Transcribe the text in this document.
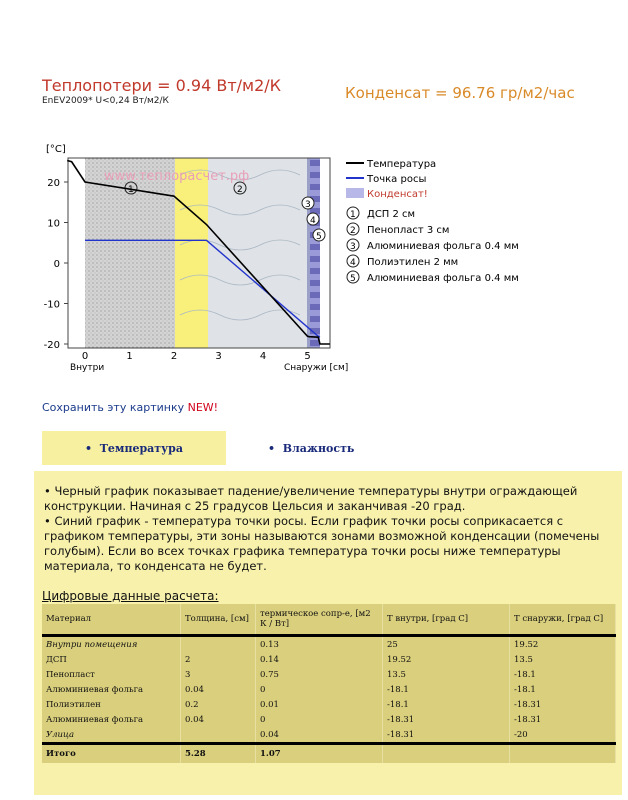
Теплопотери = 0.94 Вт/м2/К
EnEV2009* U<0,24 Вт/м2/К	Конденсат = 96.76 гр/м2/час
20
10
0
-10
-20
0	1	2	3	4	5
[°C]
www.теплорасчет.рф
Внутри	Снаружи [см]
1	2
3
4
5
Температура
Точка росы
Конденсат!
1 ДСП 2 см
2 Пенопласт 3 см
3 Алюминиевая фольга 0.4 мм
4 Полиэтилен 2 мм
5 Алюминиевая фольга 0.4 мм
Сохранить эту картинку NEW!
• Температура	• Влажность
• Черный график показывает падение/увеличение температуры внутри ограждающей конструкции. Начиная с 25 градусов Цельсия и заканчивая -20 град.
• Синий график - температура точки росы. Если график точки росы соприкасается с графиком температуры, эти зоны называются зонами возможной конденсации (помечены голубым). Если во всех точках графика температура точки росы ниже температуры материала, то конденсата не будет.
Цифровые данные расчета:
Материал	Толщина, [см]	термическое сопр-е, [м2 К / Вт]	Т внутри, [град С]	Т снаружи, [град С]
Внутри помещения		0.13	25	19.52
ДСП	2	0.14	19.52	13.5
Пенопласт	3	0.75	13.5	-18.1
Алюминиевая фольга	0.04	0	-18.1	-18.1
Полиэтилен	0.2	0.01	-18.1	-18.31
Алюминиевая фольга	0.04	0	-18.31	-18.31
Улица		0.04	-18.31	-20
Итого	5.28	1.07		
